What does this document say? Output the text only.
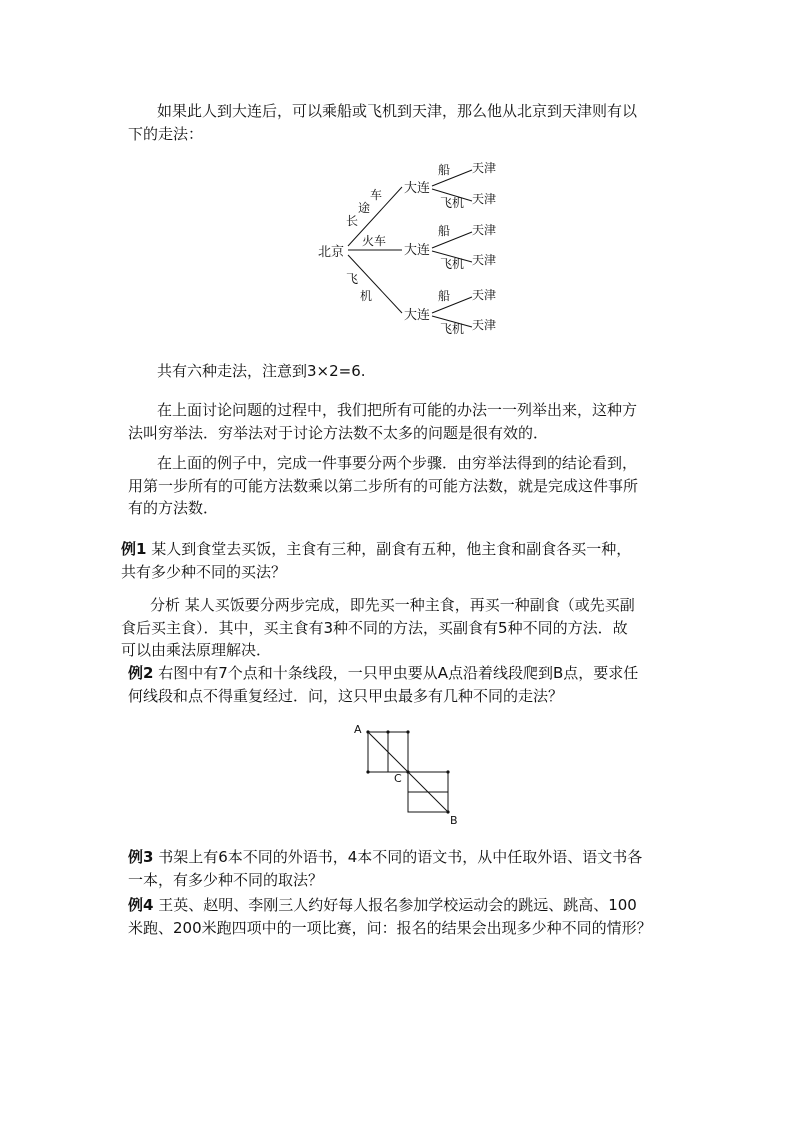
如果此人到大连后，可以乘船或飞机到天津，那么他从北京到天津则有以

下的走法：

北京
长
途
车
火车
飞
机
大连
大连
大连
船
飞机
天津
天津
船
飞机
天津
天津
船
飞机
天津
天津

共有六种走法，注意到3×2=6.

在上面讨论问题的过程中，我们把所有可能的办法一一列举出来，这种方

法叫穷举法．穷举法对于讨论方法数不太多的问题是很有效的．

在上面的例子中，完成一件事要分两个步骤．由穷举法得到的结论看到，

用第一步所有的可能方法数乘以第二步所有的可能方法数，就是完成这件事所

有的方法数．

例1 某人到食堂去买饭，主食有三种，副食有五种，他主食和副食各买一种，

共有多少种不同的买法？

分析 某人买饭要分两步完成，即先买一种主食，再买一种副食（或先买副

食后买主食）．其中，买主食有3种不同的方法，买副食有5种不同的方法．故

可以由乘法原理解决．

例2 右图中有7个点和十条线段，一只甲虫要从A点沿着线段爬到B点，要求任

何线段和点不得重复经过．问，这只甲虫最多有几种不同的走法？

A
C
B

例3 书架上有6本不同的外语书，4本不同的语文书，从中任取外语、语文书各

一本，有多少种不同的取法？

例4 王英、赵明、李刚三人约好每人报名参加学校运动会的跳远、跳高、100

米跑、200米跑四项中的一项比赛，问：报名的结果会出现多少种不同的情形？
